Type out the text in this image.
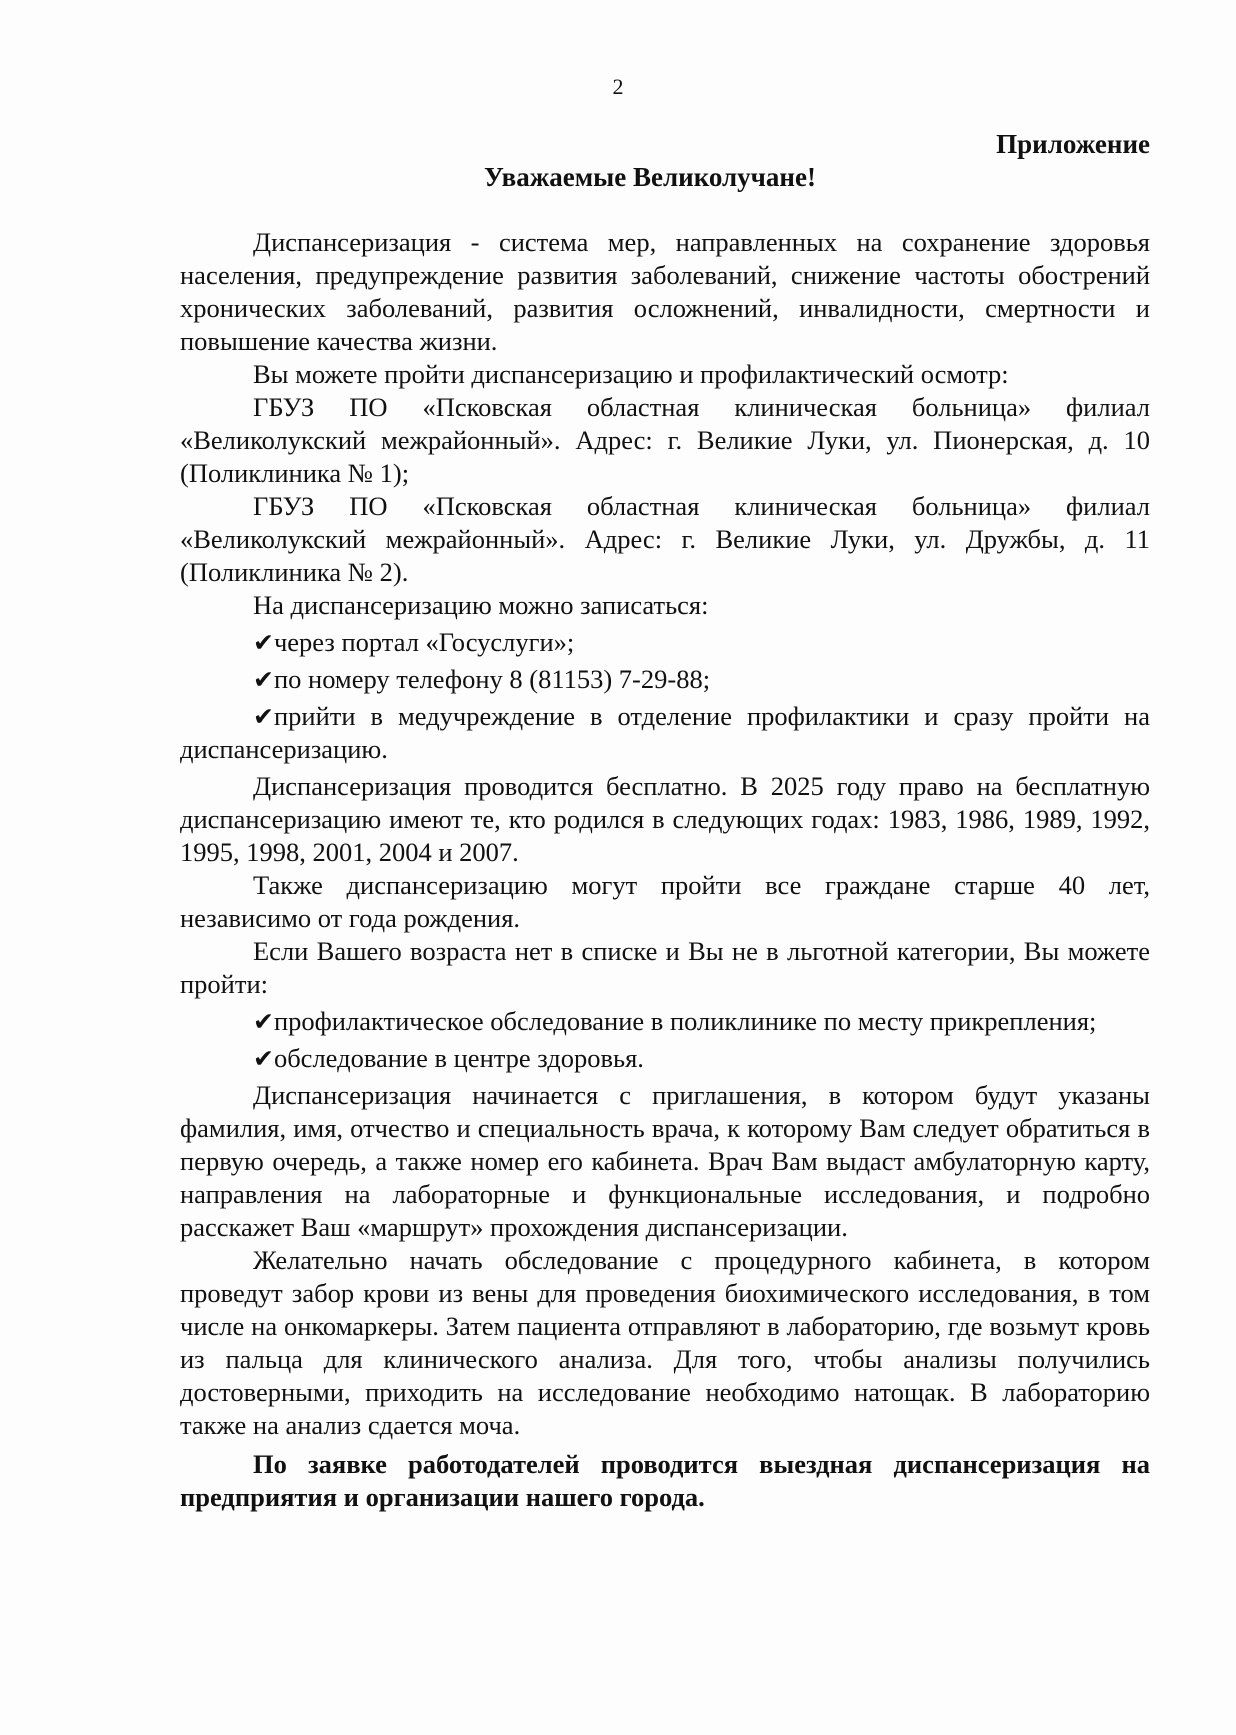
2

Приложение

Уважаемые Великолучане!

Диспансеризация - система мер, направленных на сохранение здоровья населения, предупреждение развития заболеваний, снижение частоты обострений хронических заболеваний, развития осложнений, инвалидности, смертности и повышение качества жизни.

Вы можете пройти диспансеризацию и профилактический осмотр:

ГБУЗ ПО «Псковская областная клиническая больница» филиал «Великолукский межрайонный». Адрес: г. Великие Луки, ул. Пионерская, д. 10 (Поликлиника № 1);

ГБУЗ ПО «Псковская областная клиническая больница» филиал «Великолукский межрайонный». Адрес: г. Великие Луки, ул. Дружбы, д. 11 (Поликлиника № 2).

На диспансеризацию можно записаться:

✔через портал «Госуслуги»;

✔по номеру телефону 8 (81153) 7-29-88;

✔прийти в медучреждение в отделение профилактики и сразу пройти на диспансеризацию.

Диспансеризация проводится бесплатно. В 2025 году право на бесплатную диспансеризацию имеют те, кто родился в следующих годах: 1983, 1986, 1989, 1992, 1995, 1998, 2001, 2004 и 2007.

Также диспансеризацию могут пройти все граждане старше 40 лет, независимо от года рождения.

Если Вашего возраста нет в списке и Вы не в льготной категории, Вы можете пройти:

✔профилактическое обследование в поликлинике по месту прикрепления;

✔обследование в центре здоровья.

Диспансеризация начинается с приглашения, в котором будут указаны фамилия, имя, отчество и специальность врача, к которому Вам следует обратиться в первую очередь, а также номер его кабинета. Врач Вам выдаст амбулаторную карту, направления на лабораторные и функциональные исследования, и подробно расскажет Ваш «маршрут» прохождения диспансеризации.

Желательно начать обследование с процедурного кабинета, в котором проведут забор крови из вены для проведения биохимического исследования, в том числе на онкомаркеры. Затем пациента отправляют в лабораторию, где возьмут кровь из пальца для клинического анализа. Для того, чтобы анализы получились достоверными, приходить на исследование необходимо натощак. В лабораторию также на анализ сдается моча.

По заявке работодателей проводится выездная диспансеризация на предприятия и организации нашего города.
